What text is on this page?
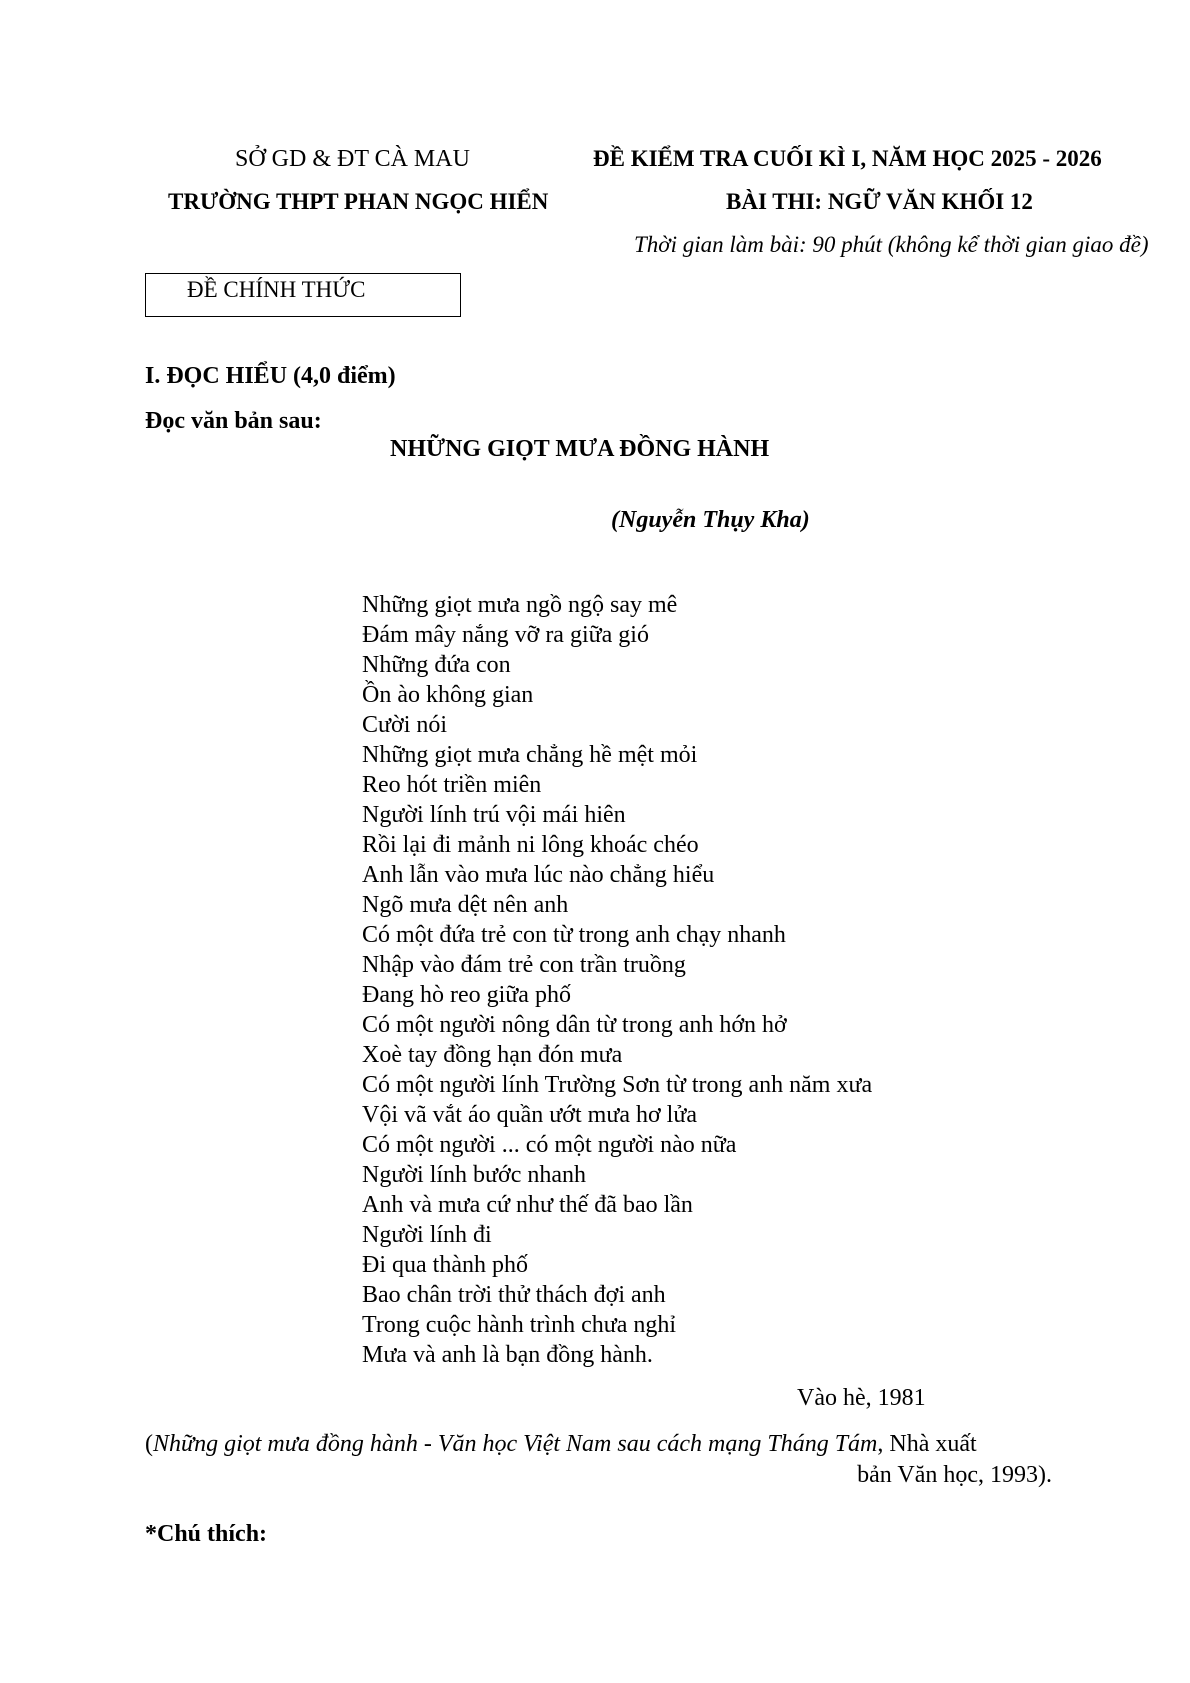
SỞ GD & ĐT CÀ MAU
TRƯỜNG THPT PHAN NGỌC HIỂN
ĐỀ KIỂM TRA CUỐI KÌ I, NĂM HỌC 2025 - 2026
BÀI THI: NGỮ VĂN KHỐI 12
Thời gian làm bài: 90 phút (không kể thời gian giao đề)
ĐỀ CHÍNH THỨC
I. ĐỌC HIỂU (4,0 điểm)
Đọc văn bản sau:
NHỮNG GIỌT MƯA ĐỒNG HÀNH
(Nguyễn Thụy Kha)
Những giọt mưa ngồ ngộ say mê
Đám mây nắng vỡ ra giữa gió
Những đứa con
Ồn ào không gian
Cười nói
Những giọt mưa chẳng hề mệt mỏi
Reo hót triền miên
Người lính trú vội mái hiên
Rồi lại đi mảnh ni lông khoác chéo
Anh lẫn vào mưa lúc nào chẳng hiểu
Ngõ mưa dệt nên anh
Có một đứa trẻ con từ trong anh chạy nhanh
Nhập vào đám trẻ con trần truồng
Đang hò reo giữa phố
Có một người nông dân từ trong anh hớn hở
Xoè tay đồng hạn đón mưa
Có một người lính Trường Sơn từ trong anh năm xưa
Vội vã vắt áo quần ướt mưa hơ lửa
Có một người ... có một người nào nữa
Người lính bước nhanh
Anh và mưa cứ như thế đã bao lần
Người lính đi
Đi qua thành phố
Bao chân trời thử thách đợi anh
Trong cuộc hành trình chưa nghỉ
Mưa và anh là bạn đồng hành.
Vào hè, 1981
(Những giọt mưa đồng hành - Văn học Việt Nam sau cách mạng Tháng Tám, Nhà xuất
bản Văn học, 1993).
*Chú thích:
